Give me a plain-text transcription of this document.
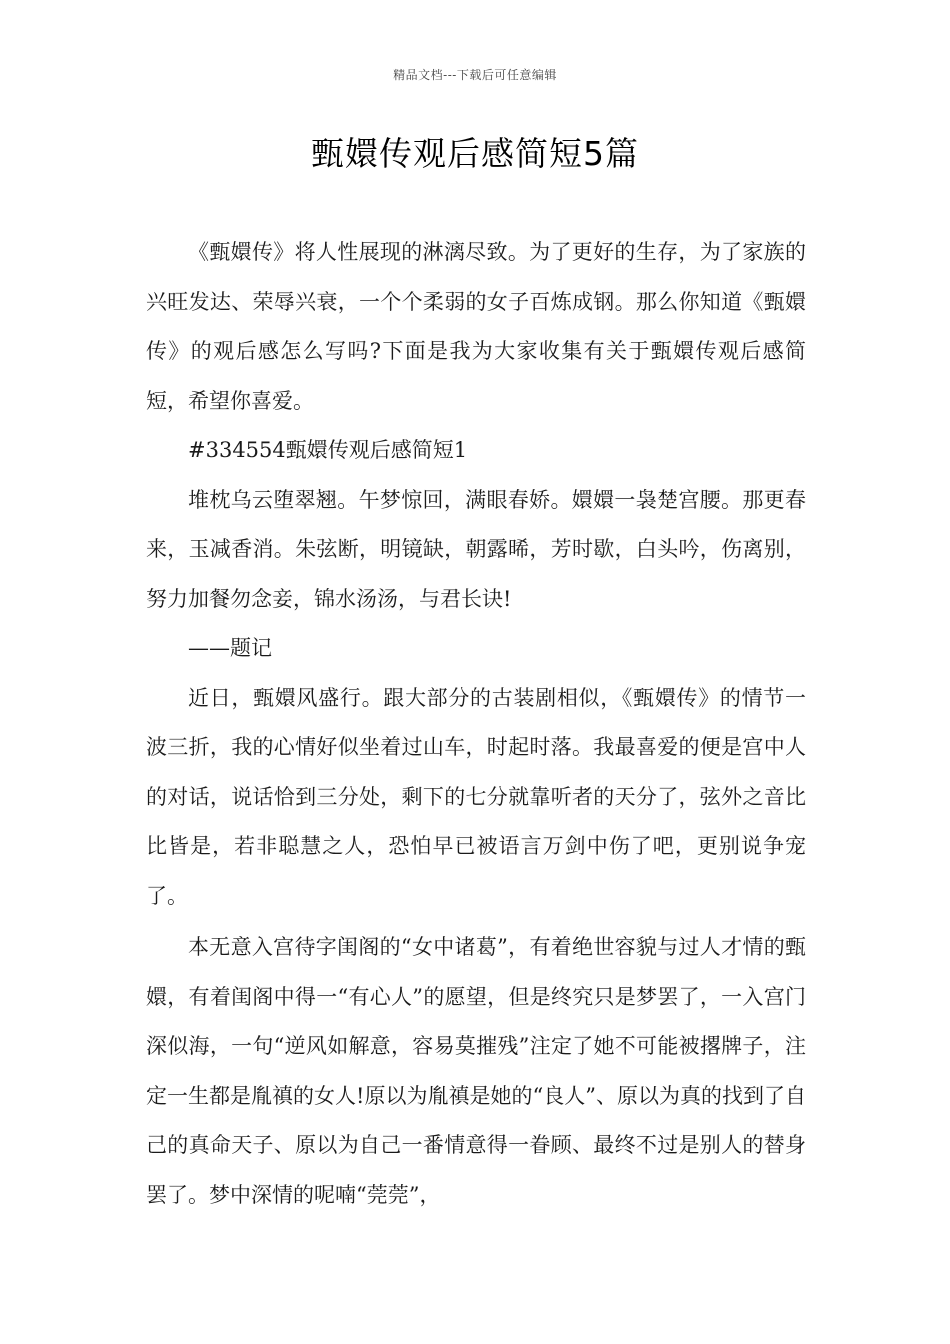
精品文档---下载后可任意编辑
甄嬛传观后感简短5篇

《甄嬛传》将人性展现的淋漓尽致。为了更好的生存，为了家族的兴旺发达、荣辱兴衰，一个个柔弱的女子百炼成钢。那么你知道《甄嬛传》的观后感怎么写吗?下面是我为大家收集有关于甄嬛传观后感简短，希望你喜爱。

#334554甄嬛传观后感简短1

堆枕乌云堕翠翘。午梦惊回，满眼春娇。嬛嬛一袅楚宫腰。那更春来，玉减香消。朱弦断，明镜缺，朝露晞，芳时歇，白头吟，伤离别，努力加餐勿念妾，锦水汤汤，与君长诀!

——题记

近日，甄嬛风盛行。跟大部分的古装剧相似，《甄嬛传》的情节一波三折，我的心情好似坐着过山车，时起时落。我最喜爱的便是宫中人的对话，说话恰到三分处，剩下的七分就靠听者的天分了，弦外之音比比皆是，若非聪慧之人，恐怕早已被语言万剑中伤了吧，更别说争宠了。

本无意入宫待字闺阁的“女中诸葛”，有着绝世容貌与过人才情的甄嬛，有着闺阁中得一“有心人”的愿望，但是终究只是梦罢了，一入宫门深似海，一句“逆风如解意，容易莫摧残”注定了她不可能被撂牌子，注定一生都是胤禛的女人!原以为胤禛是她的“良人”、原以为真的找到了自己的真命天子、原以为自己一番情意得一眷顾、最终不过是别人的替身罢了。梦中深情的呢喃“莞莞”，
